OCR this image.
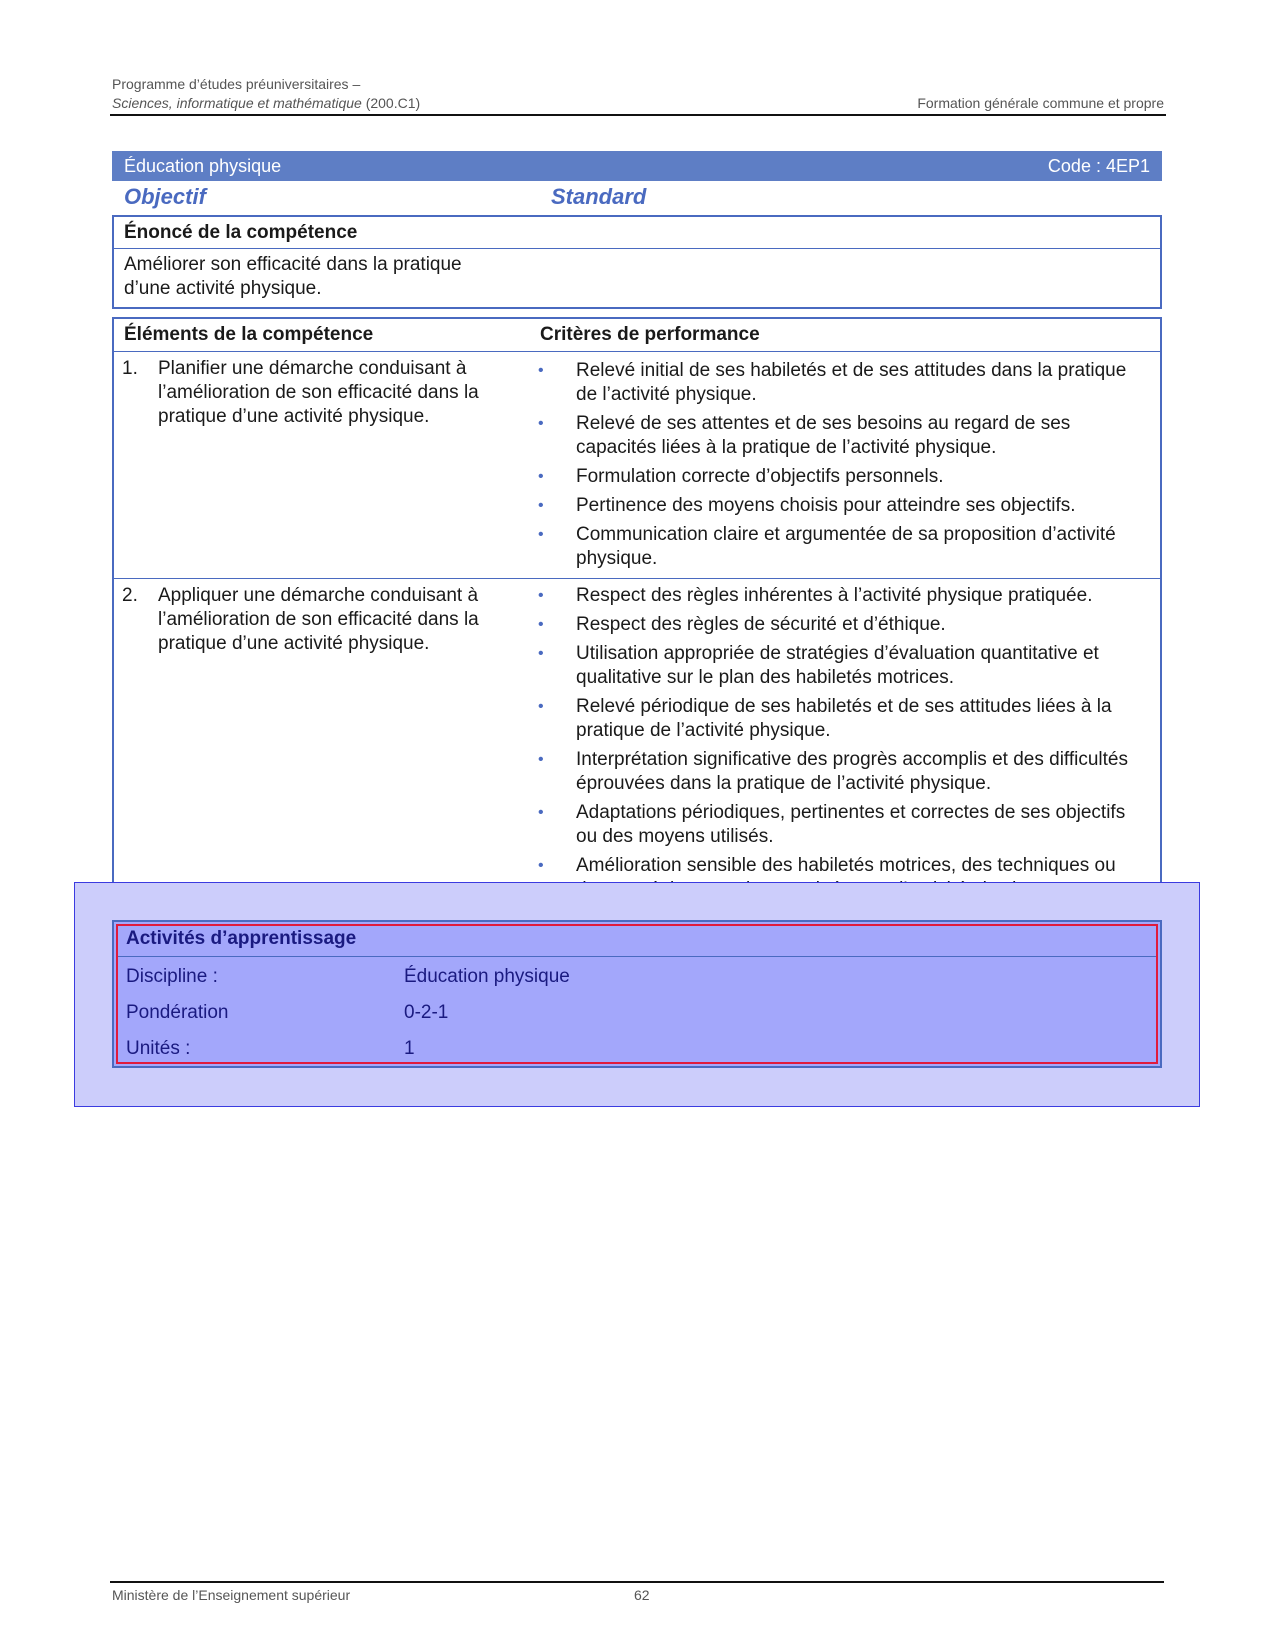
Programme d’études préuniversitaires –
Sciences, informatique et mathématique (200.C1)	Formation générale commune et propre
Éducation physique	Code : 4EP1
Objectif	Standard
Énoncé de la compétence
Améliorer son efficacité dans la pratique d’une activité physique.
Éléments de la compétence	Critères de performance
1.	Planifier une démarche conduisant à l’amélioration de son efficacité dans la pratique d’une activité physique.
•	Relevé initial de ses habiletés et de ses attitudes dans la pratique de l’activité physique.
•	Relevé de ses attentes et de ses besoins au regard de ses capacités liées à la pratique de l’activité physique.
•	Formulation correcte d’objectifs personnels.
•	Pertinence des moyens choisis pour atteindre ses objectifs.
•	Communication claire et argumentée de sa proposition d’activité physique.
2.	Appliquer une démarche conduisant à l’amélioration de son efficacité dans la pratique d’une activité physique.
•	Respect des règles inhérentes à l’activité physique pratiquée.
•	Respect des règles de sécurité et d’éthique.
•	Utilisation appropriée de stratégies d’évaluation quantitative et qualitative sur le plan des habiletés motrices.
•	Relevé périodique de ses habiletés et de ses attitudes liées à la pratique de l’activité physique.
•	Interprétation significative des progrès accomplis et des difficultés éprouvées dans la pratique de l’activité physique.
•	Adaptations périodiques, pertinentes et correctes de ses objectifs ou des moyens utilisés.
•	Amélioration sensible des habiletés motrices, des techniques ou
Activités d’apprentissage
Discipline :	Éducation physique
Pondération	0-2-1
Unités :	1
Ministère de l’Enseignement supérieur	62
